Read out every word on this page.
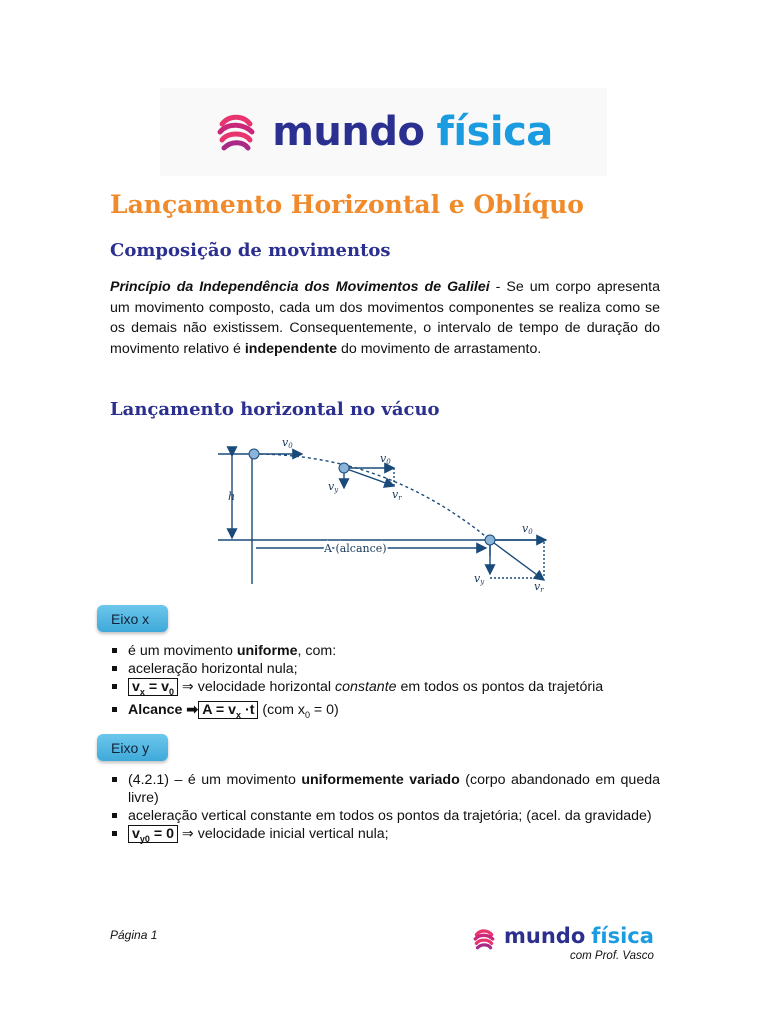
mundo física
Lançamento Horizontal e Oblíquo
Composição de movimentos

Princípio da Independência dos Movimentos de Galilei - Se um corpo apresenta um movimento composto, cada um dos movimentos componentes se realiza como se os demais não existissem. Consequentemente, o intervalo de tempo de duração do movimento relativo é independente do movimento de arrastamento.

Lançamento horizontal no vácuo
v0
v0
vy	vr
h
A (alcance)
v0
vy	vr
Eixo x
é um movimento uniforme, com:
aceleração horizontal nula;
$v_x = v_0$ ⇒ velocidade horizontal constante em todos os pontos da trajetória
Alcance ➡ $A = v_x \cdot t$ (com $x_0 = 0$)
Eixo y
(4.2.1) – é um movimento uniformemente variado (corpo abandonado em queda livre)
aceleração vertical constante em todos os pontos da trajetória; (acel. da gravidade)
$v_{y0} = 0$ ⇒ velocidade inicial vertical nula;
Página 1	mundo física
com Prof. Vasco
